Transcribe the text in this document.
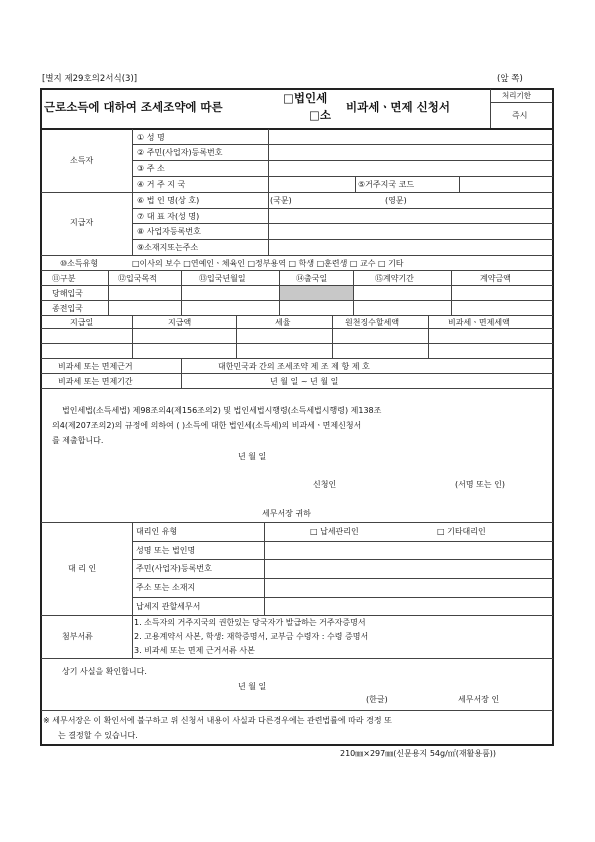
[별지 제29호의2서식(3)]	(앞 쪽)
근로소득에 대하여 조세조약에 따른
□법인세
□소
비과세ㆍ면제 신청서
처리기한
즉시
소득자
① 성 명
② 주민(사업자)등록번호
③ 주 소
④ 거 주 지 국	⑤거주지국 코드
지급자
⑥ 법 인 명(상 호)	(국문)	(영문)
⑦ 대 표 자(성 명)
⑧ 사업자등록번호
⑨소재지또는주소
⑩소득유형	□이사의 보수 □연예인ㆍ체육인 □정부용역 □ 학생 □훈련생 □ 교수 □ 기타
⑪구분	⑫입국목적	⑬입국년월일	⑭출국일	⑮계약기간	계약금액
당해입국
종전입국
지급일	지급액	세율	원천징수할세액	비과세ㆍ면제세액
비과세 또는 면제근거	대한민국과 간의 조세조약 제 조 제 항 제 호
비과세 또는 면제기간	년 월 일 ~ 년 월 일
법인세법(소득세법) 제98조의4(제156조의2) 및 법인세법시행령(소득세법시행령) 제138조
의4(제207조의2)의 규정에 의하여 ( )소득에 대한 법인세(소득세)의 비과세ㆍ면제신청서
를 제출합니다.
년 월 일
신청인	(서명 또는 인)
세무서장 귀하
대 리 인
대리인 유형	□ 납세관리인	□ 기타대리인
성명 또는 법인명
주민(사업자)등록번호
주소 또는 소재지
납세지 관할세무서
첨부서류
1. 소득자의 거주지국의 권한있는 당국자가 발급하는 거주자증명서
2. 고용계약서 사본, 학생: 재학증명서, 교부금 수령자 : 수령 증명서
3. 비과세 또는 면제 근거서류 사본
상기 사실을 확인합니다.
년 월 일
(한글)	세무서장 인
※ 세무서장은 이 확인서에 불구하고 위 신청서 내용이 사실과 다른경우에는 관련법률에 따라 경정 또
는 결정할 수 있습니다.
210㎜×297㎜(신문용지 54g/㎡(재활용품))
